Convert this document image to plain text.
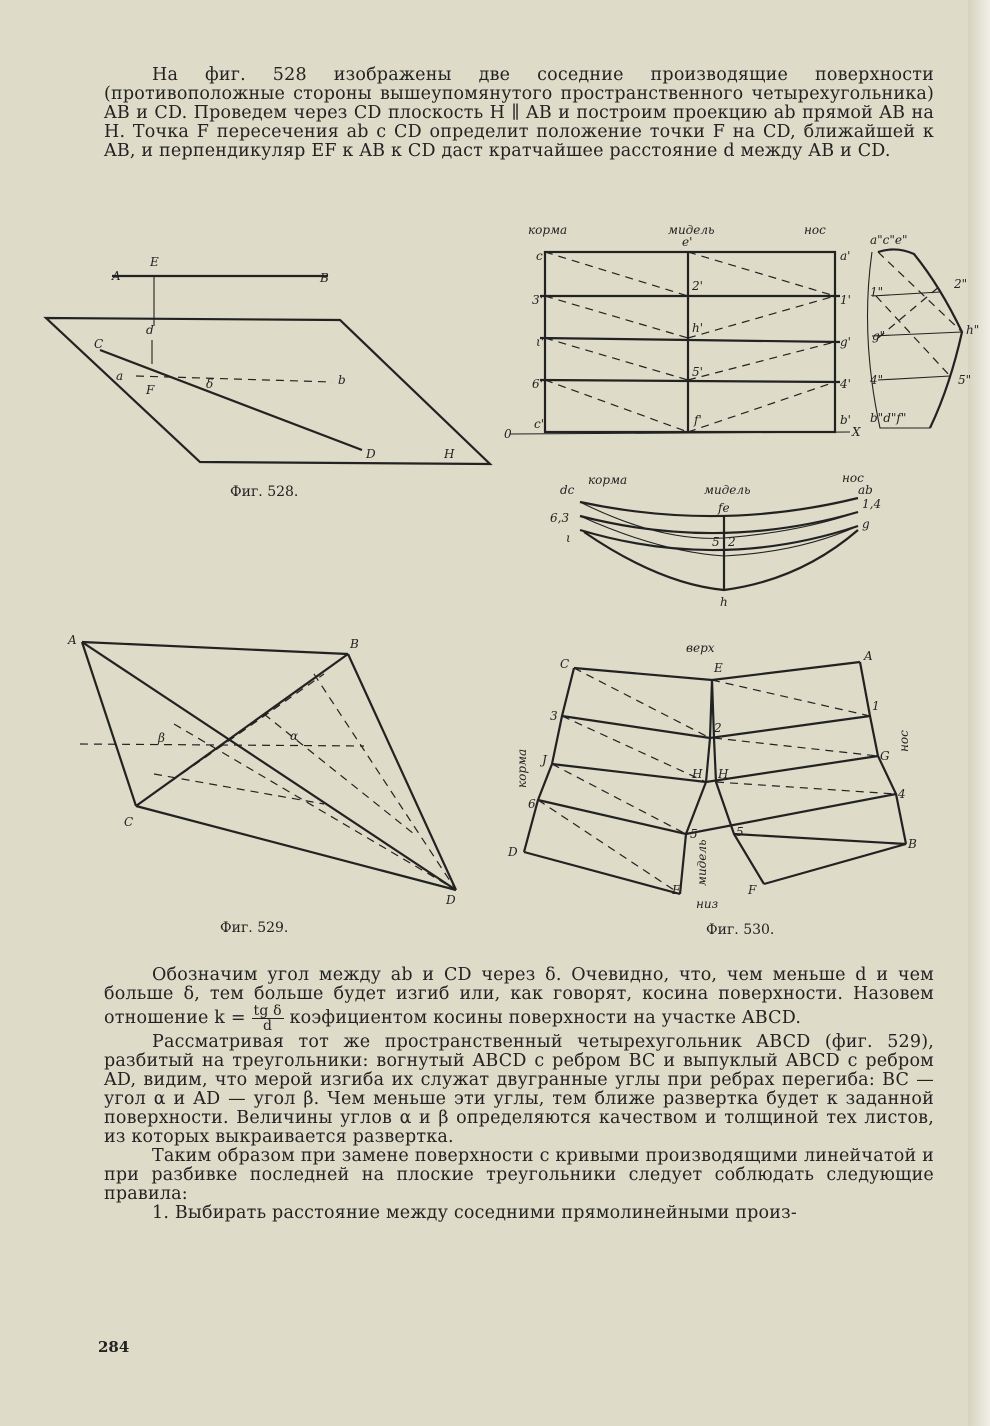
На фиг. 528 изображены две соседние производящие поверхности (противоположные стороны вышеупомянутого пространственного четырехугольника) AB и CD. Проведем через CD плоскость H ∥ AB и построим проекцию ab прямой AB на H. Точка F пересечения ab с CD определит положение точки F на CD, ближайшей к AB, и перпендикуляр EF к AB к CD даст кратчайшее расстояние d между AB и CD.

A
E
B
d
C
a
F	δ	b
D	H
Фиг. 528.
корма	мидель	нос
c'
e'
a'
3'
2'
1'
ι'
h'
g'
6'
5'
4'
c'	f'	b'
0	X
a"c"e"
1"
2"
g"	h"
4"	5"
b"d"f"
dc
корма
мидель
нос
fe
ab
6,3
1,4
ι
g
5 2
h
A	B
β	α
C
D
Фиг. 529.
верх
C	E
A
3
2
1
J
H H
G
6
4
5	5
D
B
F	F
низ
корма
нос
мидель
Фиг. 530.

Обозначим угол между ab и CD через δ. Очевидно, что, чем меньше d и чем больше δ, тем больше будет изгиб или, как говорят, косина поверхности. Назовем отношение $k = \frac{\text{tg δ}}{d}$ коэфициентом косины поверхности на участке ABCD.

Рассматривая тот же пространственный четырехугольник ABCD (фиг. 529), разбитый на треугольники: вогнутый ABCD с ребром BC и выпуклый ABCD с ребром AD, видим, что мерой изгиба их служат двугранные углы при ребрах перегиба: BC — угол α и AD — угол β. Чем меньше эти углы, тем ближе развертка будет к заданной поверхности. Величины углов α и β определяются качеством и толщиной тех листов, из которых выкраивается развертка.

Таким образом при замене поверхности с кривыми производящими линейчатой и при разбивке последней на плоские треугольники следует соблюдать следующие правила:

1. Выбирать расстояние между соседними прямолинейными произ-

284
